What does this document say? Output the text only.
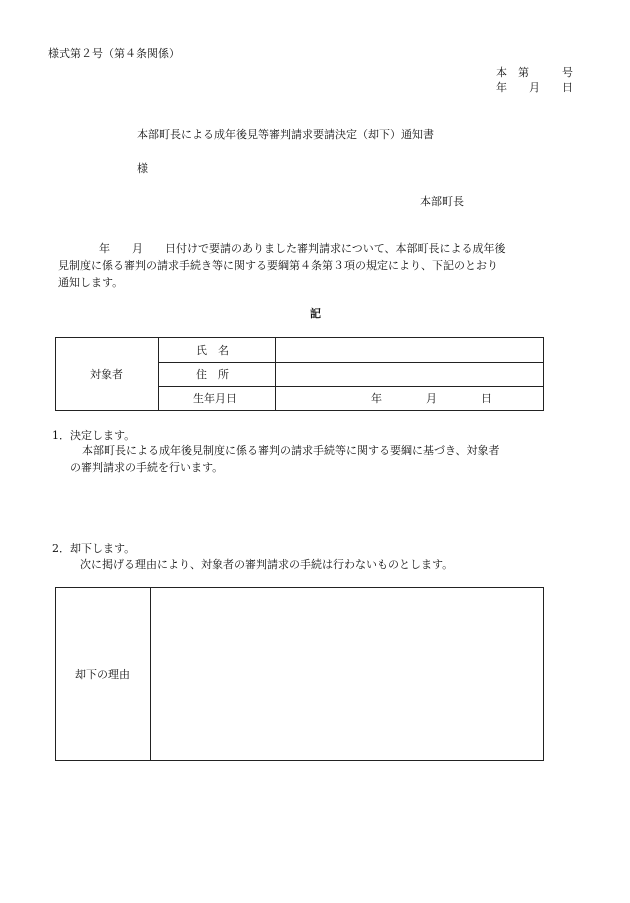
様式第２号（第４条関係）
本　第　　　号
年　　月　　日
本部町長による成年後見等審判請求要請決定（却下）通知書
様
本部町長
　年　　月　　日付けで要請のありました審判請求について、本部町長による成年後
見制度に係る審判の請求手続き等に関する要綱第４条第３項の規定により、下記のとおり
通知します。
記
対象者
氏　名
住　所
生年月日	年　　　　月　　　　日
1．決定します。
本部町長による成年後見制度に係る審判の請求手続等に関する要綱に基づき、対象者
の審判請求の手続を行います。
2．却下します。
次に掲げる理由により、対象者の審判請求の手続は行わないものとします。
却下の理由
